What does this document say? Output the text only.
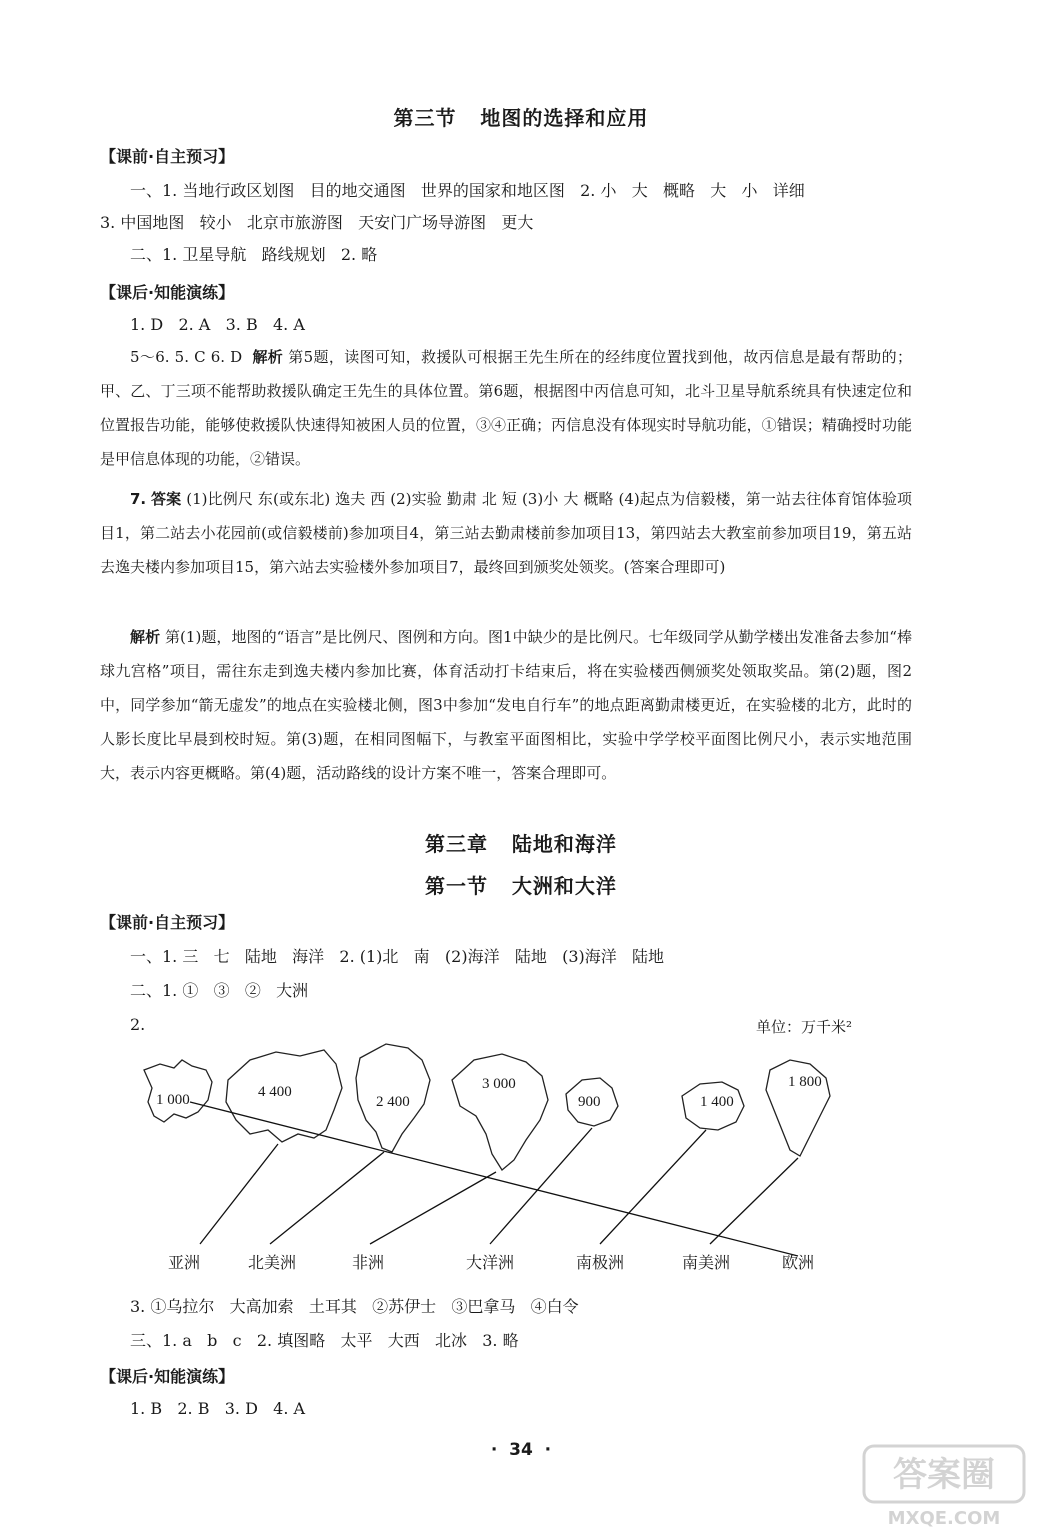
第三节   地图的选择和应用
【课前·自主预习】
一、1. 当地行政区划图   目的地交通图   世界的国家和地区图   2. 小   大   概略   大   小   详细
3. 中国地图   较小   北京市旅游图   天安门广场导游图   更大
二、1. 卫星导航   路线规划   2. 略
【课后·知能演练】
1. D   2. A   3. B   4. A
5～6. 5. C 6. D 解析 第5题，读图可知，救援队可根据王先生所在的经纬度位置找到他，故丙信息是最有帮助的；甲、乙、丁三项不能帮助救援队确定王先生的具体位置。第6题，根据图中丙信息可知，北斗卫星导航系统具有快速定位和位置报告功能，能够使救援队快速得知被困人员的位置，③④正确；丙信息没有体现实时导航功能，①错误；精确授时功能是甲信息体现的功能，②错误。
7. 答案 (1)比例尺 东(或东北) 逸夫 西 (2)实验 勤肃 北 短 (3)小 大 概略 (4)起点为信毅楼，第一站去往体育馆体验项目1，第二站去小花园前(或信毅楼前)参加项目4，第三站去勤肃楼前参加项目13，第四站去大教室前参加项目19，第五站去逸夫楼内参加项目15，第六站去实验楼外参加项目7，最终回到颁奖处领奖。(答案合理即可)
解析 第(1)题，地图的“语言”是比例尺、图例和方向。图1中缺少的是比例尺。七年级同学从勤学楼出发准备去参加“棒球九宫格”项目，需往东走到逸夫楼内参加比赛，体育活动打卡结束后，将在实验楼西侧颁奖处领取奖品。第(2)题，图2中，同学参加“箭无虚发”的地点在实验楼北侧，图3中参加“发电自行车”的地点距离勤肃楼更近，在实验楼的北方，此时的人影长度比早晨到校时短。第(3)题，在相同图幅下，与教室平面图相比，实验中学学校平面图比例尺小，表示实地范围大，表示内容更概略。第(4)题，活动路线的设计方案不唯一，答案合理即可。
第三章   陆地和海洋
第一节   大洲和大洋
【课前·自主预习】
一、1. 三   七   陆地   海洋   2. (1)北   南   (2)海洋   陆地   (3)海洋   陆地
二、1. ①   ③   ②   大洲
2.	单位：万千米²
1 000	4 400
2 400
3 000
900	1 400
1 800
亚洲	北美洲	非洲	大洋洲	南极洲	南美洲	欧洲
3. ①乌拉尔   大高加索   土耳其   ②苏伊士   ③巴拿马   ④白令
三、1. a   b   c   2. 填图略   太平   大西   北冰   3. 略
【课后·知能演练】
1. B   2. B   3. D   4. A
·  34  ·
答案圈
MXQE.COM
